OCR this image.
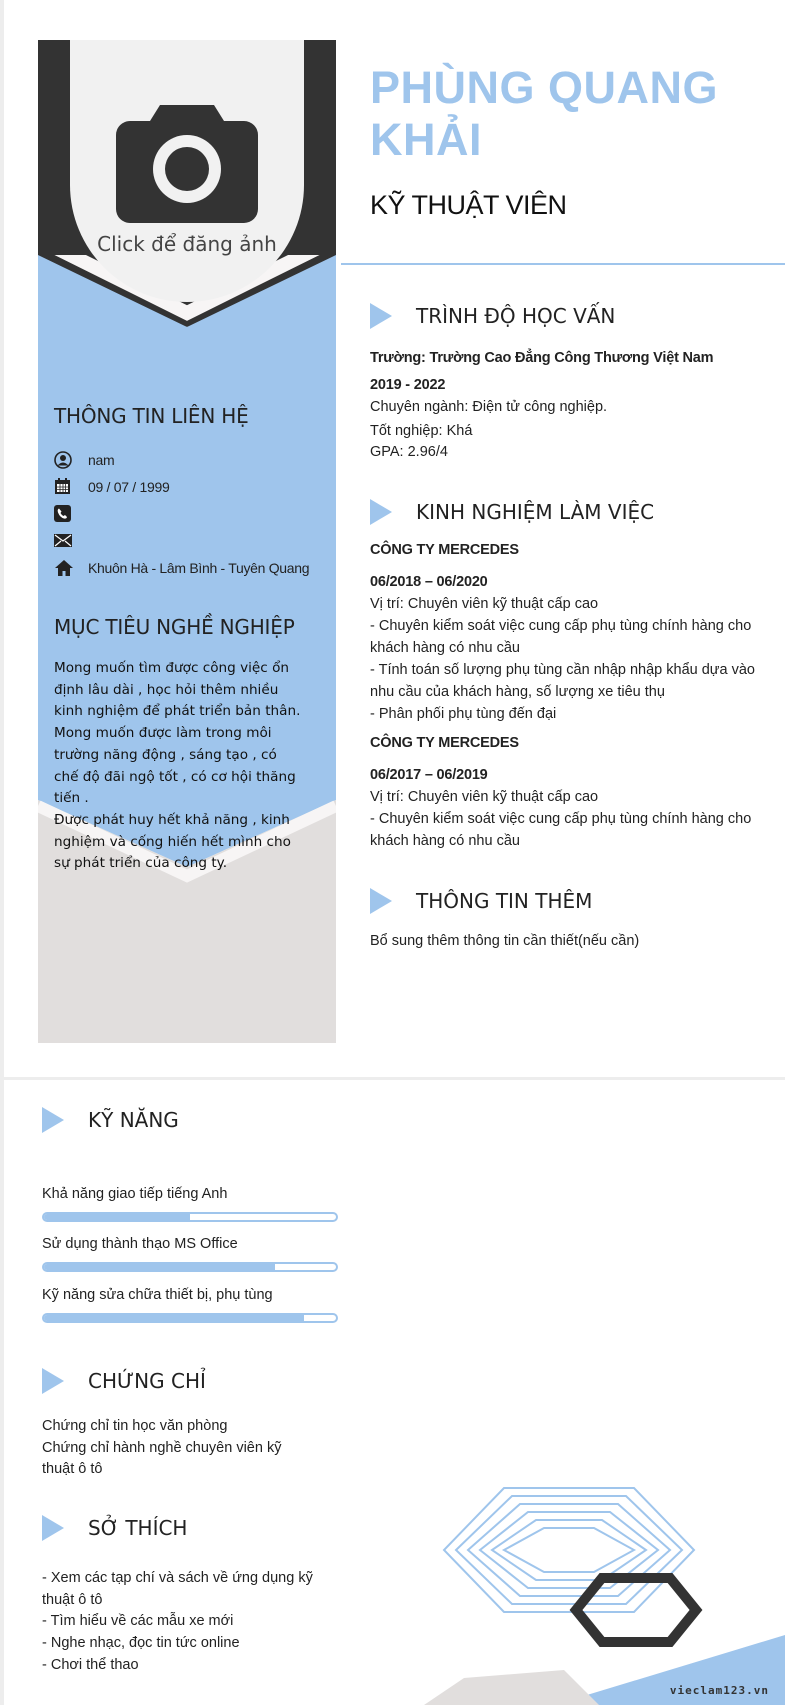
Click để đăng ảnh
THÔNG TIN LIÊN HỆ
nam
09 / 07 / 1999
Khuôn Hà - Lâm Bình - Tuyên Quang
MỤC TIÊU NGHỀ NGHIỆP
Mong muốn tìm được công việc ổn định lâu dài , học hỏi thêm nhiều kinh nghiệm để phát triển bản thân.
Mong muốn được làm trong môi trường năng động , sáng tạo , có chế độ đãi ngộ tốt , có cơ hội thăng tiến .
Được phát huy hết khả năng , kinh nghiệm và cống hiến hết mình cho sự phát triển của công ty.
PHÙNG QUANG KHẢI
KỸ THUẬT VIÊN
TRÌNH ĐỘ HỌC VẤN
Trường: Trường Cao Đẳng Công Thương Việt Nam
2019 - 2022
Chuyên ngành: Điện tử công nghiệp.
Tốt nghiệp: Khá
GPA: 2.96/4
KINH NGHIỆM LÀM VIỆC
CÔNG TY MERCEDES
06/2018 – 06/2020
Vị trí: Chuyên viên kỹ thuật cấp cao
- Chuyên kiểm soát việc cung cấp phụ tùng chính hàng cho khách hàng có nhu cầu
- Tính toán số lượng phụ tùng cần nhập nhập khẩu dựa vào nhu cầu của khách hàng, số lượng xe tiêu thụ
- Phân phối phụ tùng đến đại
CÔNG TY MERCEDES
06/2017 – 06/2019
Vị trí: Chuyên viên kỹ thuật cấp cao
- Chuyên kiểm soát việc cung cấp phụ tùng chính hàng cho khách hàng có nhu cầu
THÔNG TIN THÊM
Bổ sung thêm thông tin cần thiết(nếu cần)
KỸ NĂNG
Khả năng giao tiếp tiếng Anh
Sử dụng thành thạo MS Office
Kỹ năng sửa chữa thiết bị, phụ tùng
CHỨNG CHỈ
Chứng chỉ tin học văn phòng
Chứng chỉ hành nghề chuyên viên kỹ thuật ô tô
SỞ THÍCH
- Xem các tạp chí và sách về ứng dụng kỹ thuật ô tô
- Tìm hiểu về các mẫu xe mới
- Nghe nhạc, đọc tin tức online
- Chơi thể thao
vieclam123.vn
